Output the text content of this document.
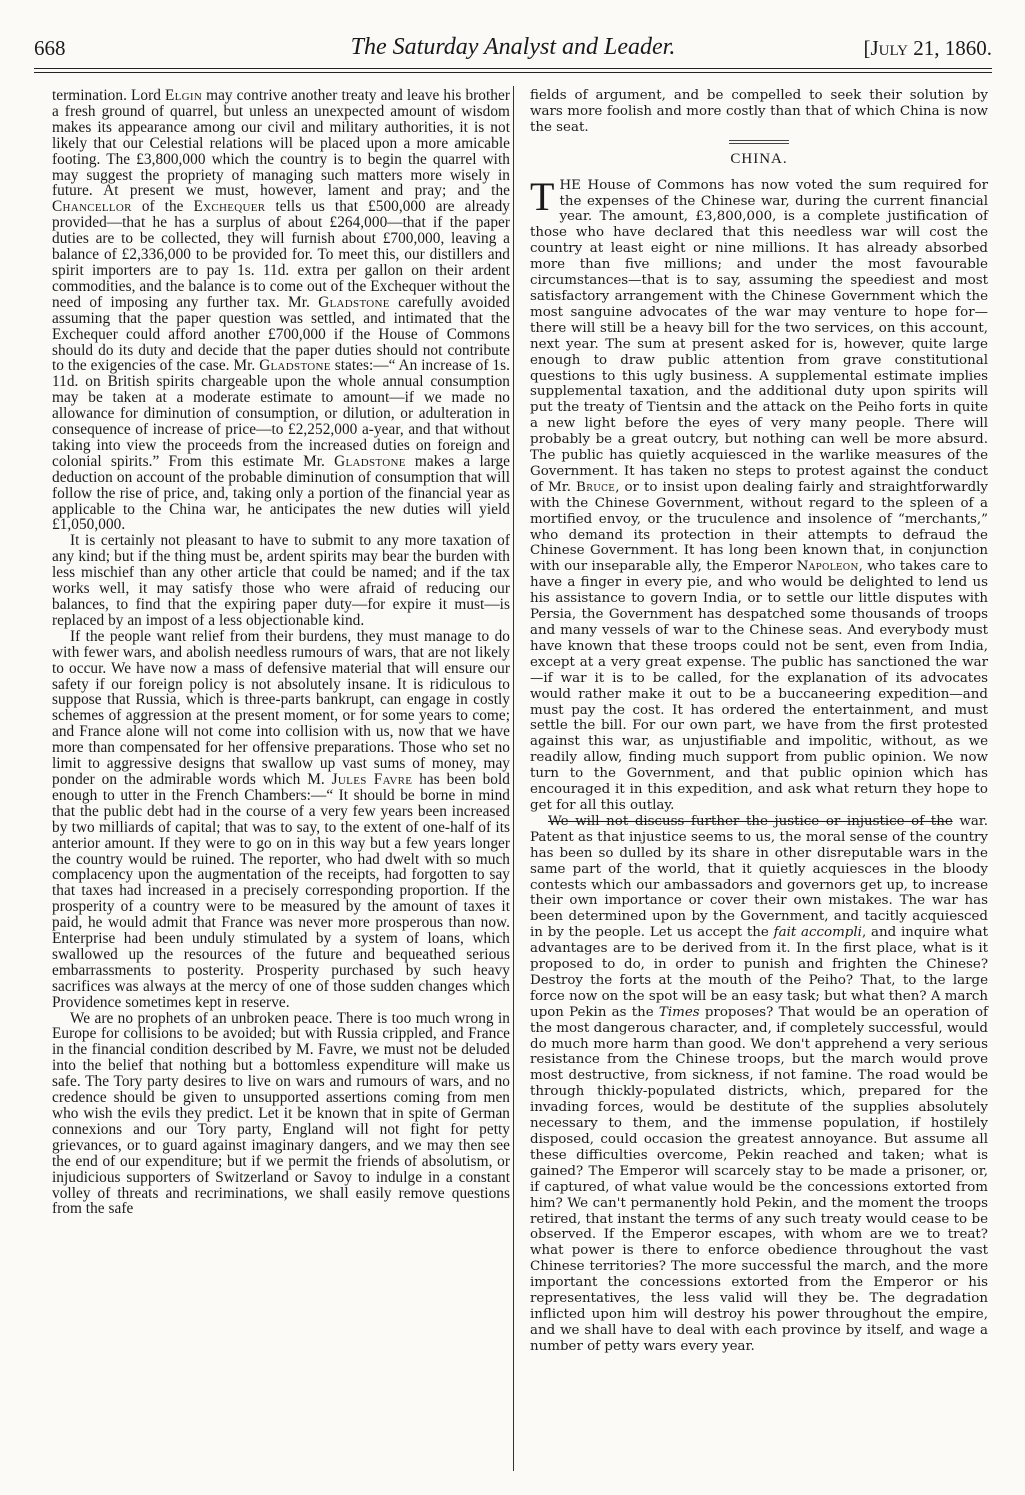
668	The Saturday Analyst and Leader.	[July 21, 1860.

termination. Lord Elgin may contrive another treaty and leave his brother a fresh ground of quarrel, but unless an unexpected amount of wisdom makes its appearance among our civil and military authorities, it is not likely that our Celestial relations will be placed upon a more amicable footing. The £3,800,000 which the country is to begin the quarrel with may suggest the propriety of managing such matters more wisely in future. At present we must, however, lament and pray; and the Chancellor of the Exchequer tells us that £500,000 are already provided—that he has a surplus of about £264,000—that if the paper duties are to be collected, they will furnish about £700,000, leaving a balance of £2,336,000 to be provided for. To meet this, our distillers and spirit importers are to pay 1s. 11d. extra per gallon on their ardent commodities, and the balance is to come out of the Exchequer without the need of imposing any further tax. Mr. Gladstone carefully avoided assuming that the paper question was settled, and intimated that the Exchequer could afford another £700,000 if the House of Commons should do its duty and decide that the paper duties should not contribute to the exigencies of the case. Mr. Gladstone states:—“ An increase of 1s. 11d. on British spirits chargeable upon the whole annual consumption may be taken at a moderate estimate to amount—if we made no allowance for diminution of consumption, or dilution, or adulteration in consequence of increase of price—to £2,252,000 a-year, and that without taking into view the proceeds from the increased duties on foreign and colonial spirits.” From this estimate Mr. Gladstone makes a large deduction on account of the probable diminution of consumption that will follow the rise of price, and, taking only a portion of the financial year as applicable to the China war, he anticipates the new duties will yield £1,050,000.

It is certainly not pleasant to have to submit to any more taxation of any kind; but if the thing must be, ardent spirits may bear the burden with less mischief than any other article that could be named; and if the tax works well, it may satisfy those who were afraid of reducing our balances, to find that the expiring paper duty—for expire it must—is replaced by an impost of a less objectionable kind.

If the people want relief from their burdens, they must manage to do with fewer wars, and abolish needless rumours of wars, that are not likely to occur. We have now a mass of defensive material that will ensure our safety if our foreign policy is not absolutely insane. It is ridiculous to suppose that Russia, which is three-parts bankrupt, can engage in costly schemes of aggression at the present moment, or for some years to come; and France alone will not come into collision with us, now that we have more than compensated for her offensive preparations. Those who set no limit to aggressive designs that swallow up vast sums of money, may ponder on the admirable words which M. Jules Favre has been bold enough to utter in the French Chambers:—“ It should be borne in mind that the public debt had in the course of a very few years been increased by two milliards of capital; that was to say, to the extent of one-half of its anterior amount. If they were to go on in this way but a few years longer the country would be ruined. The reporter, who had dwelt with so much complacency upon the augmentation of the receipts, had forgotten to say that taxes had increased in a precisely corresponding proportion. If the prosperity of a country were to be measured by the amount of taxes it paid, he would admit that France was never more prosperous than now. Enterprise had been unduly stimulated by a system of loans, which swallowed up the resources of the future and bequeathed serious embarrassments to posterity. Prosperity purchased by such heavy sacrifices was always at the mercy of one of those sudden changes which Providence sometimes kept in reserve.

We are no prophets of an unbroken peace. There is too much wrong in Europe for collisions to be avoided; but with Russia crippled, and France in the financial condition described by M. Favre, we must not be deluded into the belief that nothing but a bottomless expenditure will make us safe. The Tory party desires to live on wars and rumours of wars, and no credence should be given to unsupported assertions coming from men who wish the evils they predict. Let it be known that in spite of German connexions and our Tory party, England will not fight for petty grievances, or to guard against imaginary dangers, and we may then see the end of our expenditure; but if we permit the friends of absolutism, or injudicious supporters of Switzerland or Savoy to indulge in a constant volley of threats and recriminations, we shall easily remove questions from the safe

fields of argument, and be compelled to seek their solution by wars more foolish and more costly than that of which China is now the seat.

CHINA.

THE House of Commons has now voted the sum required for the expenses of the Chinese war, during the current financial year. The amount, £3,800,000, is a complete justification of those who have declared that this needless war will cost the country at least eight or nine millions. It has already absorbed more than five millions; and under the most favourable circumstances—that is to say, assuming the speediest and most satisfactory arrangement with the Chinese Government which the most sanguine advocates of the war may venture to hope for—there will still be a heavy bill for the two services, on this account, next year. The sum at present asked for is, however, quite large enough to draw public attention from grave constitutional questions to this ugly business. A supplemental estimate implies supplemental taxation, and the additional duty upon spirits will put the treaty of Tientsin and the attack on the Peiho forts in quite a new light before the eyes of very many people. There will probably be a great outcry, but nothing can well be more absurd. The public has quietly acquiesced in the warlike measures of the Government. It has taken no steps to protest against the conduct of Mr. Bruce, or to insist upon dealing fairly and straightforwardly with the Chinese Government, without regard to the spleen of a mortified envoy, or the truculence and insolence of “merchants,” who demand its protection in their attempts to defraud the Chinese Government. It has long been known that, in conjunction with our inseparable ally, the Emperor Napoleon, who takes care to have a finger in every pie, and who would be delighted to lend us his assistance to govern India, or to settle our little disputes with Persia, the Government has despatched some thousands of troops and many vessels of war to the Chinese seas. And everybody must have known that these troops could not be sent, even from India, except at a very great expense. The public has sanctioned the war—if war it is to be called, for the explanation of its advocates would rather make it out to be a buccaneering expedition—and must pay the cost. It has ordered the entertainment, and must settle the bill. For our own part, we have from the first protested against this war, as unjustifiable and impolitic, without, as we readily allow, finding much support from public opinion. We now turn to the Government, and that public opinion which has encouraged it in this expedition, and ask what return they hope to get for all this outlay.

We will not discuss further the justice or injustice of the war. Patent as that injustice seems to us, the moral sense of the country has been so dulled by its share in other disreputable wars in the same part of the world, that it quietly acquiesces in the bloody contests which our ambassadors and governors get up, to increase their own importance or cover their own mistakes. The war has been determined upon by the Government, and tacitly acquiesced in by the people. Let us accept the fait accompli, and inquire what advantages are to be derived from it. In the first place, what is it proposed to do, in order to punish and frighten the Chinese? Destroy the forts at the mouth of the Peiho? That, to the large force now on the spot will be an easy task; but what then? A march upon Pekin as the Times proposes? That would be an operation of the most dangerous character, and, if completely successful, would do much more harm than good. We don't apprehend a very serious resistance from the Chinese troops, but the march would prove most destructive, from sickness, if not famine. The road would be through thickly-populated districts, which, prepared for the invading forces, would be destitute of the supplies absolutely necessary to them, and the immense population, if hostilely disposed, could occasion the greatest annoyance. But assume all these difficulties overcome, Pekin reached and taken; what is gained? The Emperor will scarcely stay to be made a prisoner, or, if captured, of what value would be the concessions extorted from him? We can't permanently hold Pekin, and the moment the troops retired, that instant the terms of any such treaty would cease to be observed. If the Emperor escapes, with whom are we to treat? what power is there to enforce obedience throughout the vast Chinese territories? The more successful the march, and the more important the concessions extorted from the Emperor or his representatives, the less valid will they be. The degradation inflicted upon him will destroy his power throughout the empire, and we shall have to deal with each province by itself, and wage a number of petty wars every year.
